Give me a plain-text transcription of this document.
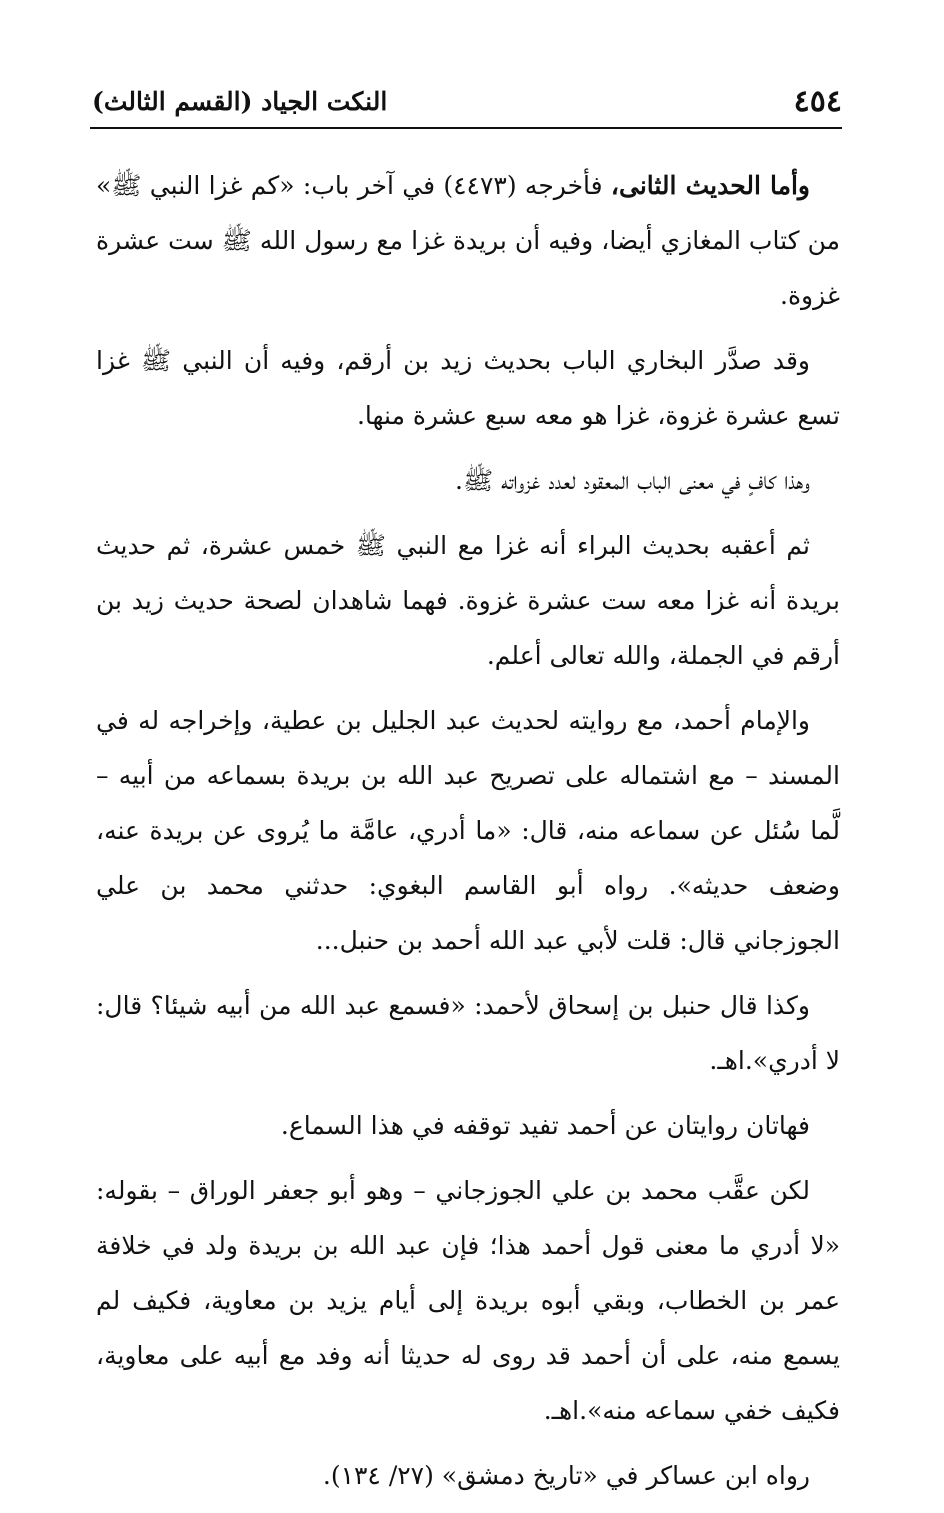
٤٥٤
النكت الجياد (القسم الثالث)

وأما الحديث الثانى، فأخرجه (٤٤٧٣) في آخر باب: «كم غزا النبي ﷺ» من كتاب المغازي أيضا، وفيه أن بريدة غزا مع رسول الله ﷺ ست عشرة غزوة.

وقد صدَّر البخاري الباب بحديث زيد بن أرقم، وفيه أن النبي ﷺ غزا تسع عشرة غزوة، غزا هو معه سبع عشرة منها.

وهذا كافٍ في معنى الباب المعقود لعدد غزواته ﷺ.

ثم أعقبه بحديث البراء أنه غزا مع النبي ﷺ خمس عشرة، ثم حديث بريدة أنه غزا معه ست عشرة غزوة. فهما شاهدان لصحة حديث زيد بن أرقم في الجملة، والله تعالى أعلم.

والإمام أحمد، مع روايته لحديث عبد الجليل بن عطية، وإخراجه له في المسند – مع اشتماله على تصريح عبد الله بن بريدة بسماعه من أبيه – لَّما سُئل عن سماعه منه، قال: «ما أدري، عامَّة ما يُروى عن بريدة عنه، وضعف حديثه». رواه أبو القاسم البغوي: حدثني محمد بن علي الجوزجاني قال: قلت لأبي عبد الله أحمد بن حنبل...

وكذا قال حنبل بن إسحاق لأحمد: «فسمع عبد الله من أبيه شيئا؟ قال: لا أدري».اهـ.

فهاتان روايتان عن أحمد تفيد توقفه في هذا السماع.

لكن عقَّب محمد بن علي الجوزجاني – وهو أبو جعفر الوراق – بقوله: «لا أدري ما معنى قول أحمد هذا؛ فإن عبد الله بن بريدة ولد في خلافة عمر بن الخطاب، وبقي أبوه بريدة إلى أيام يزيد بن معاوية، فكيف لم يسمع منه، على أن أحمد قد روى له حديثا أنه وفد مع أبيه على معاوية، فكيف خفي سماعه منه».اهـ.

رواه ابن عساكر في «تاريخ دمشق» (٢٧/ ١٣٤).
